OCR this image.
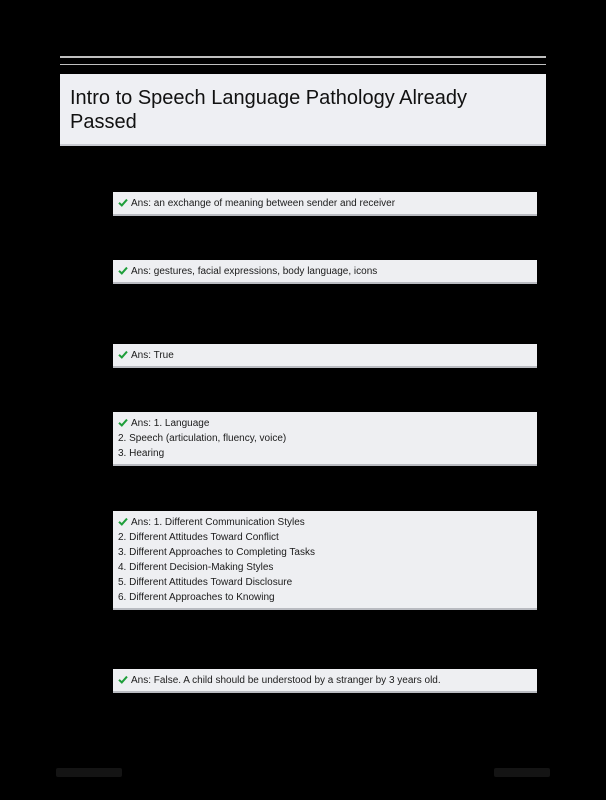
Intro to Speech Language Pathology Already Passed
Ans: an exchange of meaning between sender and receiver
Ans: gestures, facial expressions, body language, icons
Ans: True
Ans: 1. Language
2. Speech (articulation, fluency, voice)
3. Hearing
Ans: 1. Different Communication Styles
2. Different Attitudes Toward Conflict
3. Different Approaches to Completing Tasks
4. Different Decision-Making Styles
5. Different Attitudes Toward Disclosure
6. Different Approaches to Knowing
Ans: False. A child should be understood by a stranger by 3 years old.
